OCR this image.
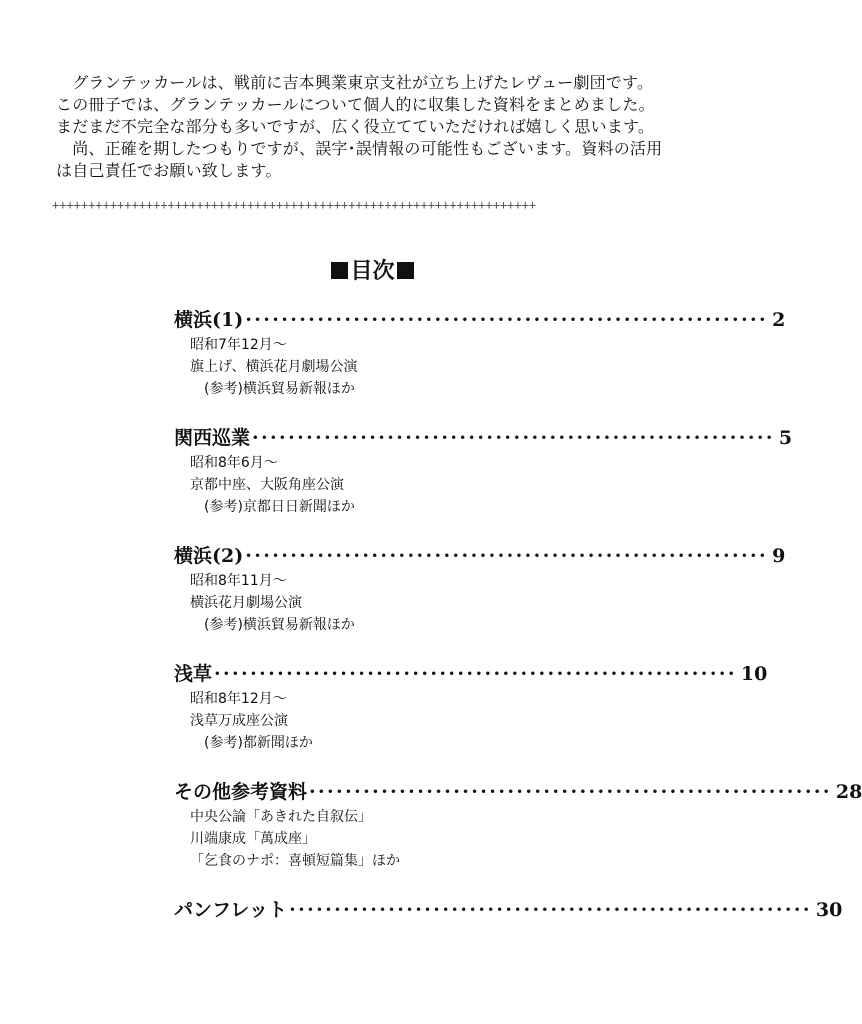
　グランテッカールは、戦前に吉本興業東京支社が立ち上げたレヴュー劇団です。

この冊子では、グランテッカールについて個人的に収集した資料をまとめました。

まだまだ不完全な部分も多いですが、広く役立てていただければ嬉しく思います。

　尚、正確を期したつもりですが、誤字･誤情報の可能性もございます。資料の活用

は自己責任でお願い致します。

+++++++++++++++++++++++++++++++++++++++++++++++++++++++++++++++++++
目次
横浜(1) ·························································· 2
昭和7年12月～
旗上げ、横浜花月劇場公演
(参考)横浜貿易新報ほか
関西巡業 ·························································· 5
昭和8年6月～
京都中座、大阪角座公演
(参考)京都日日新聞ほか
横浜(2) ·························································· 9
昭和8年11月～
横浜花月劇場公演
(参考)横浜貿易新報ほか
浅草 ·························································· 10
昭和8年12月～
浅草万成座公演
(参考)都新聞ほか
その他参考資料 ·························································· 28
中央公論「あきれた自叙伝」
川端康成「萬成座」
「乞食のナポ：喜頓短篇集」ほか
パンフレット ·························································· 30
